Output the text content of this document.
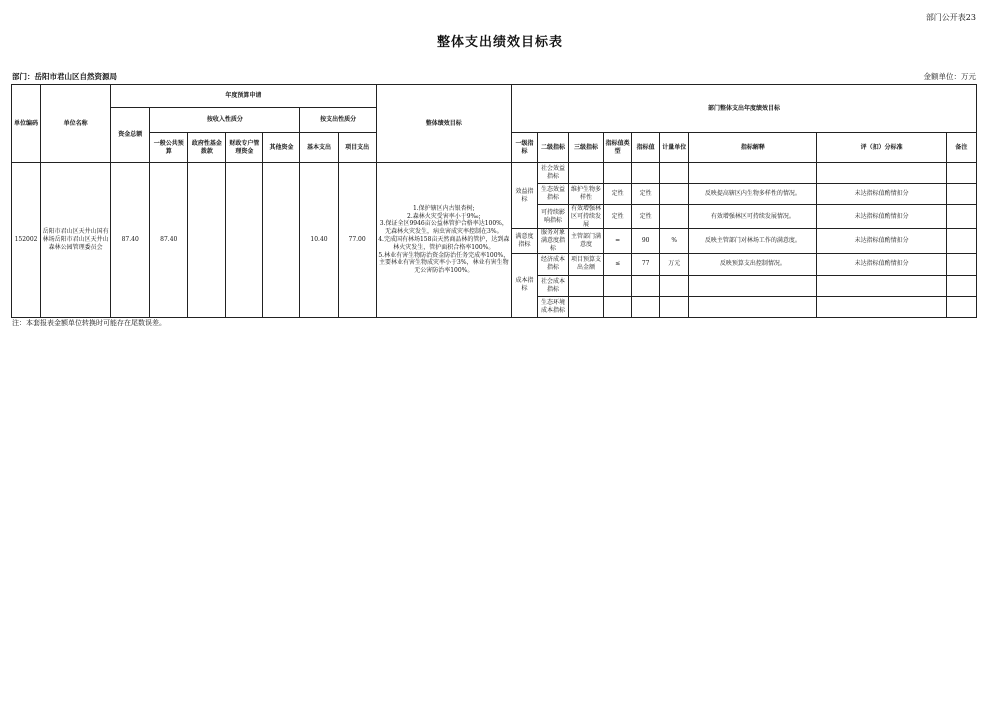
部门公开表23
整体支出绩效目标表
部门：岳阳市君山区自然资源局	金额单位：万元
单位编码	单位名称	年度预算申请							整体绩效目标	部门整体支出年度绩效目标								
		资金总额	按收入性质分				按支出性质分											
			一般公共预算	政府性基金拨款	财政专户管理资金	其他资金	基本支出	项目支出		一级指标	二级指标	三级指标	指标值类型	指标值	计量单位	指标解释	评（扣）分标准	备注
152002	岳阳市君山区天井山国有林场岳阳市君山区天井山森林公园管理委员会	87.40	87.40				10.40	77.00	1.保护辖区内古银杏树;
2.森林火灾受害率小于9‰;
3.保证全区9946亩公益林管护合格率达100%，无森林火灾发生，病虫害成灾率控制在3%。
4.完成国有林场158亩天然商品林的管护，达到森林火灾发生，管护面积合格率100%。
5.林业有害生物防治资金防治任务完成率100%，主要林业有害生物成灾率小于3%，林业有害生物无公害防治率100%。	效益指标	社会效益指标							
											生态效益指标	维护生物多样性	定性	定性		反映提高辖区内生物多样性的情况。	未达指标值酌情扣分	
											可持续影响指标	有效增强林区可持续发展	定性	定性		有效增强林区可持续发展情况。	未达指标值酌情扣分	
										满意度指标	服务对象满意度指标	主管部门满意度	=	90	%	反映主管部门对林场工作的满意度。	未达指标值酌情扣分	
										成本指标	经济成本指标	项目预算支出金额	≤	77	万元	反映预算支出控制情况。	未达指标值酌情扣分	
											社会成本指标							
											生态环境成本指标							
注：本套报表金额单位转换时可能存在尾数误差。
